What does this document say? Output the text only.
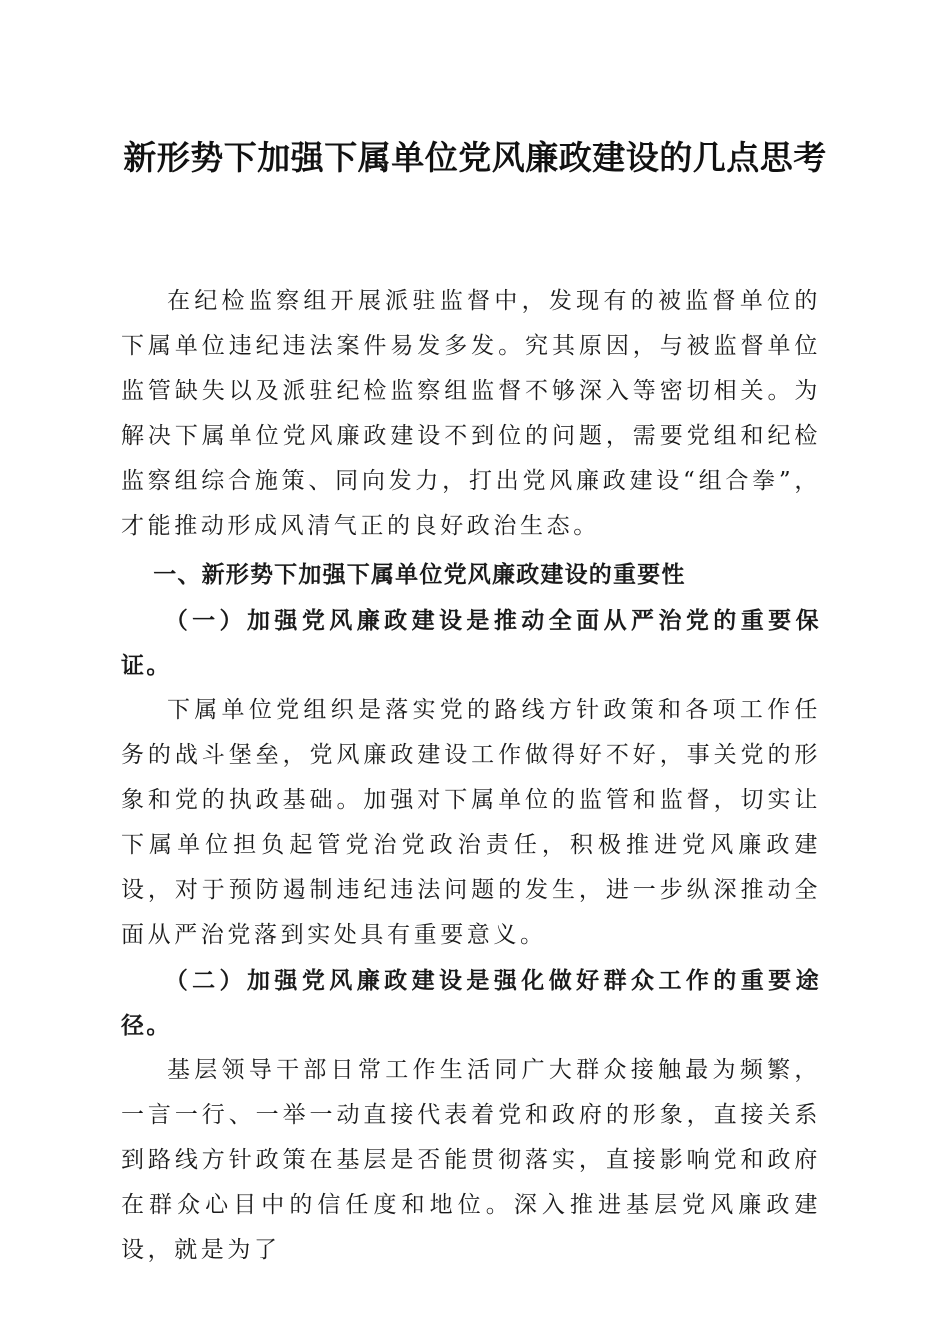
新形势下加强下属单位党风廉政建设的几点思考

在纪检监察组开展派驻监督中，发现有的被监督单位的下属单位违纪违法案件易发多发。究其原因，与被监督单位监管缺失以及派驻纪检监察组监督不够深入等密切相关。为解决下属单位党风廉政建设不到位的问题，需要党组和纪检监察组综合施策、同向发力，打出党风廉政建设“组合拳”，才能推动形成风清气正的良好政治生态。

一、新形势下加强下属单位党风廉政建设的重要性

（一）加强党风廉政建设是推动全面从严治党的重要保证。

下属单位党组织是落实党的路线方针政策和各项工作任务的战斗堡垒，党风廉政建设工作做得好不好，事关党的形象和党的执政基础。加强对下属单位的监管和监督，切实让下属单位担负起管党治党政治责任，积极推进党风廉政建设，对于预防遏制违纪违法问题的发生，进一步纵深推动全面从严治党落到实处具有重要意义。

（二）加强党风廉政建设是强化做好群众工作的重要途径。

基层领导干部日常工作生活同广大群众接触最为频繁，一言一行、一举一动直接代表着党和政府的形象，直接关系到路线方针政策在基层是否能贯彻落实，直接影响党和政府在群众心目中的信任度和地位。深入推进基层党风廉政建设，就是为了
